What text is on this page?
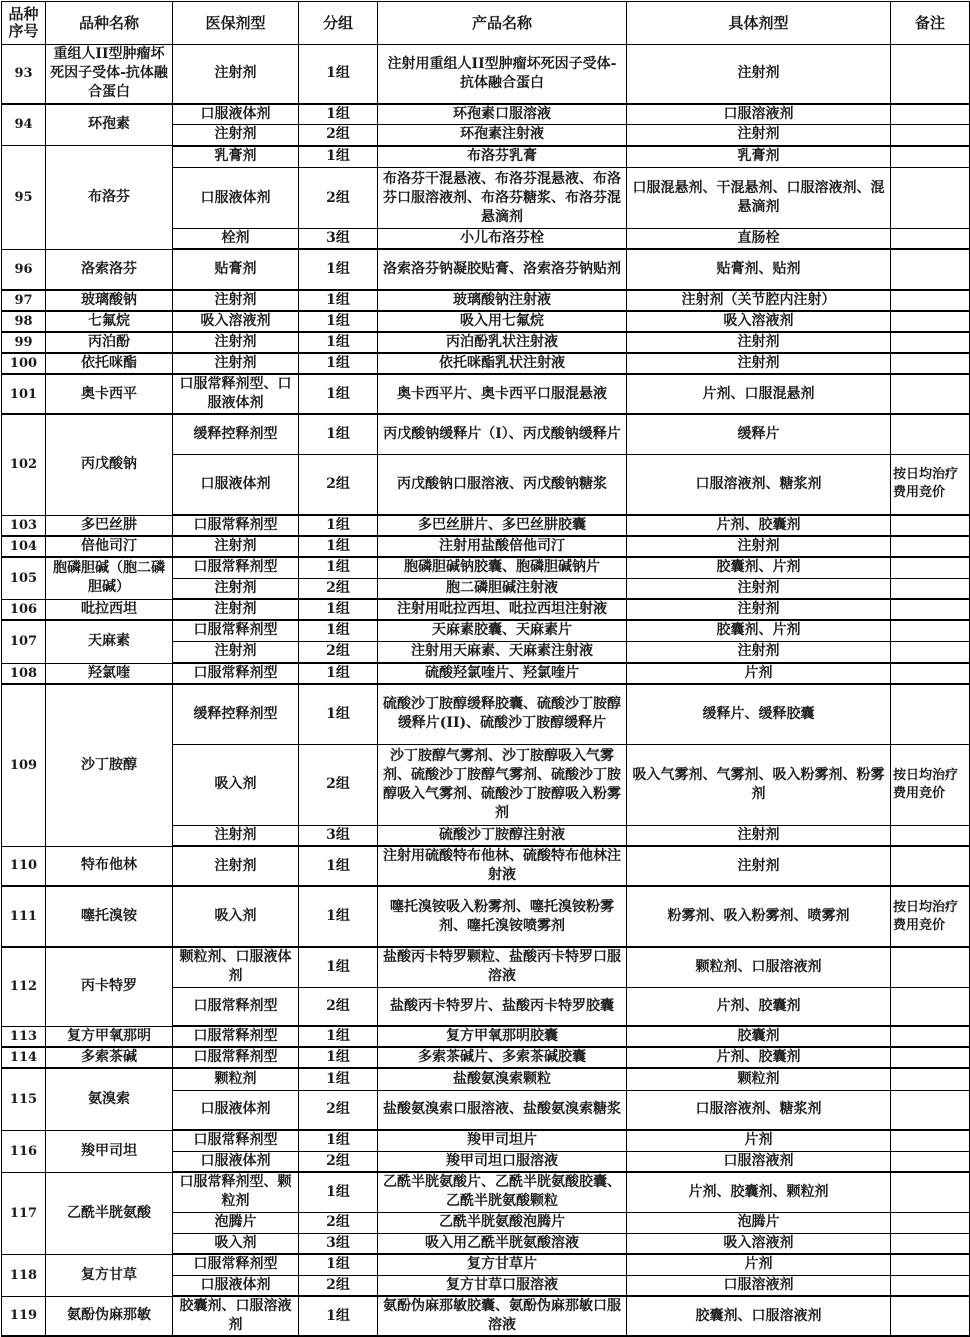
品种序号	品种名称	医保剂型	分组	产品名称	具体剂型	备注
93	重组人II型肿瘤坏死因子受体-抗体融合蛋白	注射剂	1组	注射用重组人II型肿瘤坏死因子受体-抗体融合蛋白	注射剂	
94	环孢素	口服液体剂	1组	环孢素口服溶液	口服溶液剂	
		注射剂	2组	环孢素注射液	注射剂	
95	布洛芬	乳膏剂	1组	布洛芬乳膏	乳膏剂	
		口服液体剂	2组	布洛芬干混悬液、布洛芬混悬液、布洛芬口服溶液剂、布洛芬糖浆、布洛芬混悬滴剂	口服混悬剂、干混悬剂、口服溶液剂、混悬滴剂	
		栓剂	3组	小儿布洛芬栓	直肠栓	
96	洛索洛芬	贴膏剂	1组	洛索洛芬钠凝胶贴膏、洛索洛芬钠贴剂	贴膏剂、贴剂	
97	玻璃酸钠	注射剂	1组	玻璃酸钠注射液	注射剂（关节腔内注射）	
98	七氟烷	吸入溶液剂	1组	吸入用七氟烷	吸入溶液剂	
99	丙泊酚	注射剂	1组	丙泊酚乳状注射液	注射剂	
100	依托咪酯	注射剂	1组	依托咪酯乳状注射液	注射剂	
101	奥卡西平	口服常释剂型、口服液体剂	1组	奥卡西平片、奥卡西平口服混悬液	片剂、口服混悬剂	
102	丙戊酸钠	缓释控释剂型	1组	丙戊酸钠缓释片（I）、丙戊酸钠缓释片	缓释片	
		口服液体剂	2组	丙戊酸钠口服溶液、丙戊酸钠糖浆	口服溶液剂、糖浆剂	按日均治疗费用竞价
103	多巴丝肼	口服常释剂型	1组	多巴丝肼片、多巴丝肼胶囊	片剂、胶囊剂	
104	倍他司汀	注射剂	1组	注射用盐酸倍他司汀	注射剂	
105	胞磷胆碱（胞二磷胆碱）	口服常释剂型	1组	胞磷胆碱钠胶囊、胞磷胆碱钠片	胶囊剂、片剂	
		注射剂	2组	胞二磷胆碱注射液	注射剂	
106	吡拉西坦	注射剂	1组	注射用吡拉西坦、吡拉西坦注射液	注射剂	
107	天麻素	口服常释剂型	1组	天麻素胶囊、天麻素片	胶囊剂、片剂	
		注射剂	2组	注射用天麻素、天麻素注射液	注射剂	
108	羟氯喹	口服常释剂型	1组	硫酸羟氯喹片、羟氯喹片	片剂	
109	沙丁胺醇	缓释控释剂型	1组	硫酸沙丁胺醇缓释胶囊、硫酸沙丁胺醇缓释片(II)、硫酸沙丁胺醇缓释片	缓释片、缓释胶囊	
		吸入剂	2组	沙丁胺醇气雾剂、沙丁胺醇吸入气雾剂、硫酸沙丁胺醇气雾剂、硫酸沙丁胺醇吸入气雾剂、硫酸沙丁胺醇吸入粉雾剂	吸入气雾剂、气雾剂、吸入粉雾剂、粉雾剂	按日均治疗费用竞价
		注射剂	3组	硫酸沙丁胺醇注射液	注射剂	
110	特布他林	注射剂	1组	注射用硫酸特布他林、硫酸特布他林注射液	注射剂	
111	噻托溴铵	吸入剂	1组	噻托溴铵吸入粉雾剂、噻托溴铵粉雾剂、噻托溴铵喷雾剂	粉雾剂、吸入粉雾剂、喷雾剂	按日均治疗费用竞价
112	丙卡特罗	颗粒剂、口服液体剂	1组	盐酸丙卡特罗颗粒、盐酸丙卡特罗口服溶液	颗粒剂、口服溶液剂	
		口服常释剂型	2组	盐酸丙卡特罗片、盐酸丙卡特罗胶囊	片剂、胶囊剂	
113	复方甲氧那明	口服常释剂型	1组	复方甲氧那明胶囊	胶囊剂	
114	多索茶碱	口服常释剂型	1组	多索茶碱片、多索茶碱胶囊	片剂、胶囊剂	
115	氨溴索	颗粒剂	1组	盐酸氨溴索颗粒	颗粒剂	
		口服液体剂	2组	盐酸氨溴索口服溶液、盐酸氨溴索糖浆	口服溶液剂、糖浆剂	
116	羧甲司坦	口服常释剂型	1组	羧甲司坦片	片剂	
		口服液体剂	2组	羧甲司坦口服溶液	口服溶液剂	
117	乙酰半胱氨酸	口服常释剂型、颗粒剂	1组	乙酰半胱氨酸片、乙酰半胱氨酸胶囊、乙酰半胱氨酸颗粒	片剂、胶囊剂、颗粒剂	
		泡腾片	2组	乙酰半胱氨酸泡腾片	泡腾片	
		吸入剂	3组	吸入用乙酰半胱氨酸溶液	吸入溶液剂	
118	复方甘草	口服常释剂型	1组	复方甘草片	片剂	
		口服液体剂	2组	复方甘草口服溶液	口服溶液剂	
119	氨酚伪麻那敏	胶囊剂、口服溶液剂	1组	氨酚伪麻那敏胶囊、氨酚伪麻那敏口服溶液	胶囊剂、口服溶液剂	
